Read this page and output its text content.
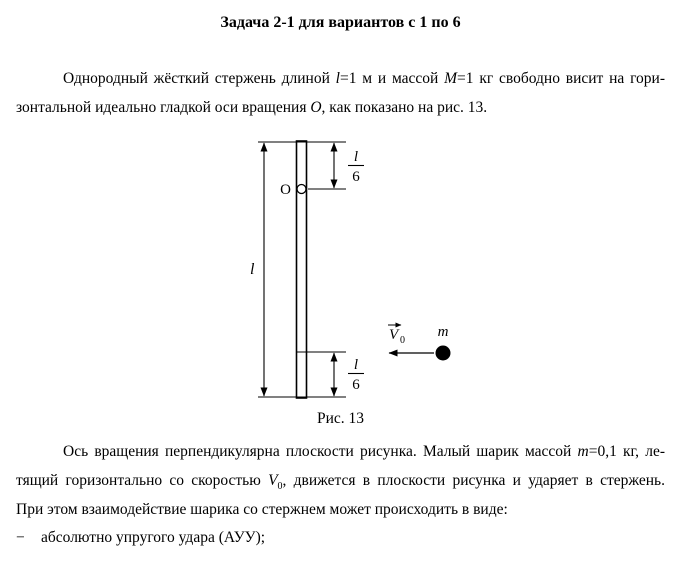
Задача 2-1 для вариантов с 1 по 6
Однородный жёсткий стержень длиной l=1 м и массой M=1 кг свободно висит на гори-
зонтальной идеально гладкой оси вращения О, как показано на рис. 13.
l
l
6
О
l
6
m
V 0
Рис. 13
Ось вращения перпендикулярна плоскости рисунка. Малый шарик массой m=0,1 кг, ле-
тящий горизонтально со скоростью $V_0$, движется в плоскости рисунка и ударяет в стержень.
При этом взаимодействие шарика со стержнем может происходить в виде:
−	абсолютно упругого удара (АУУ);
